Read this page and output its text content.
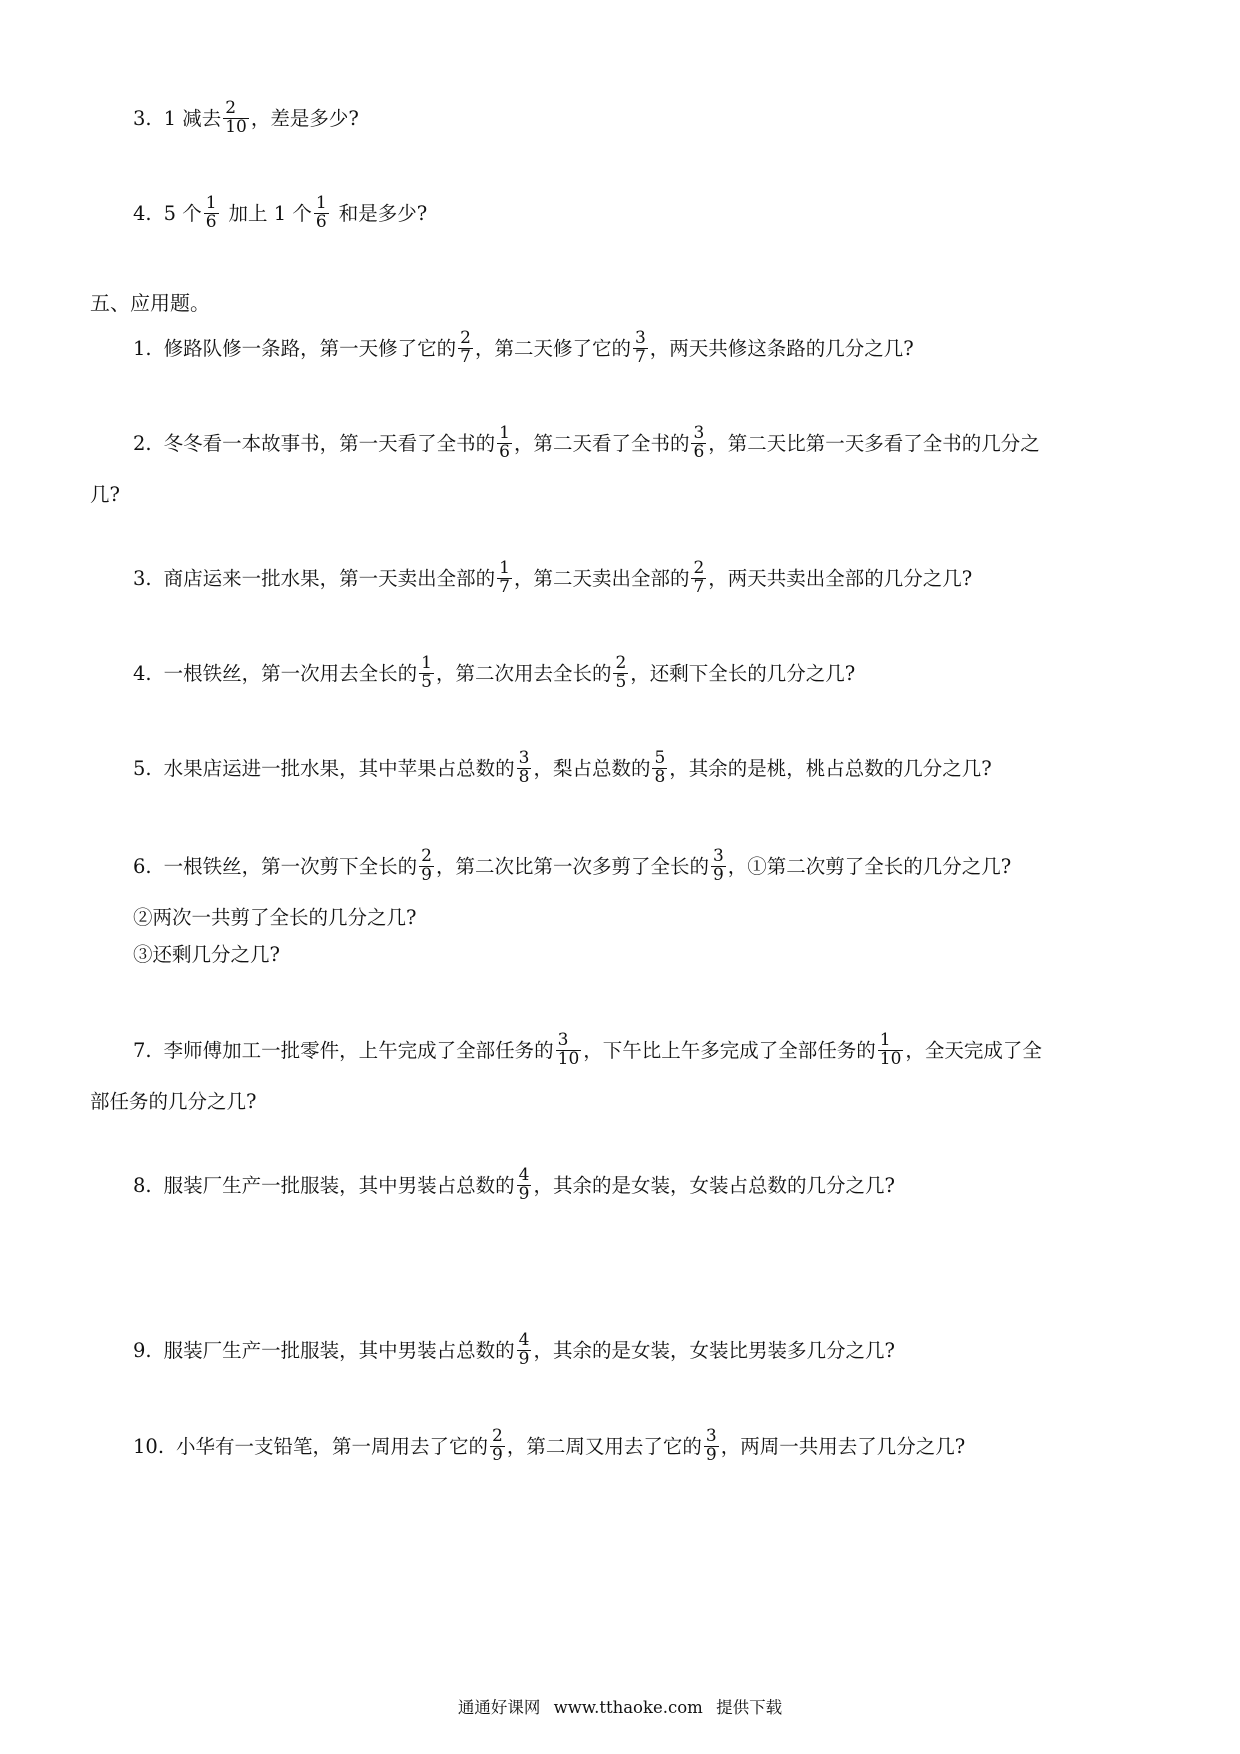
3. 1 减去 $\frac{2}{10}$ ，差是多少?
4. 5 个 $\frac{1}{6}$ 加上 1 个 $\frac{1}{6}$ 和是多少?
五、应用题。
1. 修路队修一条路，第一天修了它的 $\frac{2}{7}$ ，第二天修了它的 $\frac{3}{7}$ ，两天共修这条路的几分之几?
2. 冬冬看一本故事书，第一天看了全书的 $\frac{1}{6}$ ，第二天看了全书的 $\frac{3}{6}$ ，第二天比第一天多看了全书的几分之
几?
3. 商店运来一批水果，第一天卖出全部的 $\frac{1}{7}$ ，第二天卖出全部的 $\frac{2}{7}$ ，两天共卖出全部的几分之几?
4. 一根铁丝，第一次用去全长的 $\frac{1}{5}$ ，第二次用去全长的 $\frac{2}{5}$ ，还剩下全长的几分之几?
5. 水果店运进一批水果，其中苹果占总数的 $\frac{3}{8}$ ，梨占总数的 $\frac{5}{8}$ ，其余的是桃，桃占总数的几分之几?
6. 一根铁丝，第一次剪下全长的 $\frac{2}{9}$ ，第二次比第一次多剪了全长的 $\frac{3}{9}$ ，①第二次剪了全长的几分之几?
②两次一共剪了全长的几分之几?
③还剩几分之几?
7. 李师傅加工一批零件，上午完成了全部任务的 $\frac{3}{10}$ ，下午比上午多完成了全部任务的 $\frac{1}{10}$ ，全天完成了全
部任务的几分之几?
8. 服装厂生产一批服装，其中男装占总数的 $\frac{4}{9}$ ，其余的是女装，女装占总数的几分之几?
9. 服装厂生产一批服装，其中男装占总数的 $\frac{4}{9}$ ，其余的是女装，女装比男装多几分之几?
10. 小华有一支铅笔，第一周用去了它的 $\frac{2}{9}$ ，第二周又用去了它的 $\frac{3}{9}$ ，两周一共用去了几分之几?
通通好课网 www.tthaoke.com 提供下载
